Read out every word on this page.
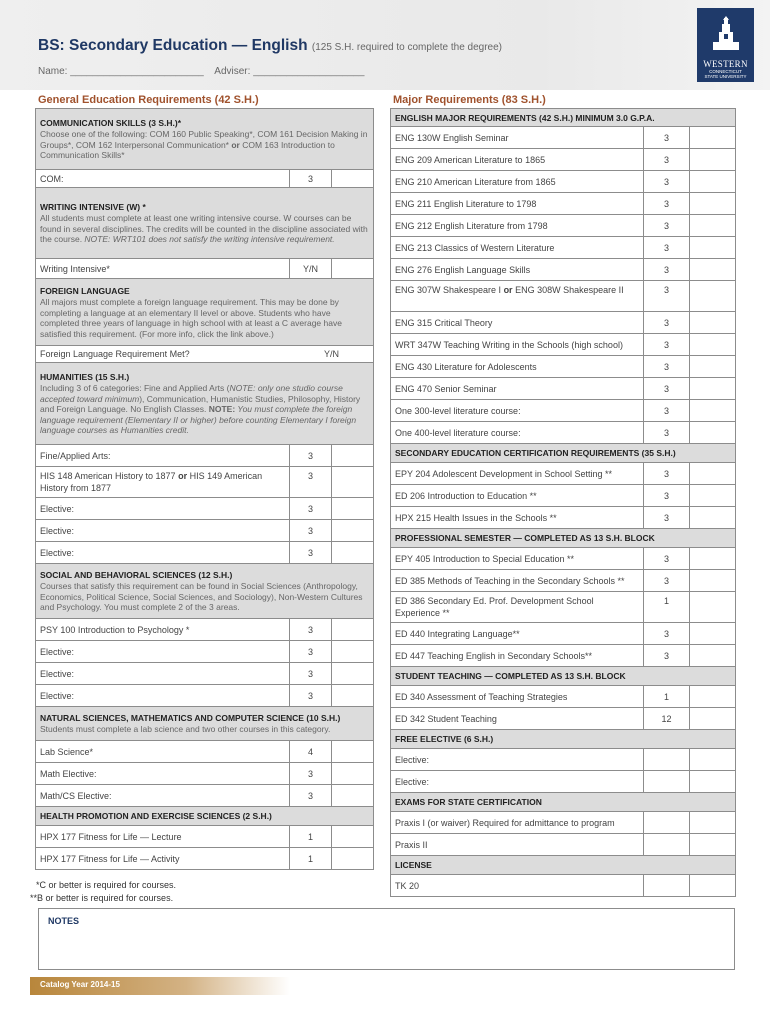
BS: Secondary Education — English (125 S.H. required to complete the degree)
Name: ________________________ Adviser: ____________________
WESTERN
CONNECTICUT
STATE UNIVERSITY
General Education Requirements (42 S.H.)	Major Requirements (83 S.H.)
COMMUNICATION SKILLS (3 S.H.)*
Choose one of the following: COM 160 Public Speaking*, COM 161 Decision Making in Groups*, COM 162 Interpersonal Communication* or COM 163 Introduction to Communication Skills*		

COM:	3	
WRITING INTENSIVE (W) *
All students must complete at least one writing intensive course. W courses can be found in several disciplines. The credits will be counted in the discipline associated with the course. NOTE: WRT101 does not satisfy the writing intensive requirement.		

Writing Intensive*	Y/N	
FOREIGN LANGUAGE
All majors must complete a foreign language requirement. This may be done by completing a language at an elementary II level or above. Students who have completed three years of language in high school with at least a C average have satisfied this requirement. (For more info, click the link above.)		

Foreign Language Requirement Met? Y/N		

HUMANITIES (15 S.H.)
Including 3 of 6 categories: Fine and Applied Arts (NOTE: only one studio course accepted toward minimum), Communication, Humanistic Studies, Philosophy, History and Foreign Language. No English Classes. NOTE: You must complete the foreign language requirement (Elementary II or higher) before counting Elementary I foreign language courses as Humanities credit.		

Fine/Applied Arts:	3	
HIS 148 American History to 1877 or HIS 149 American History from 1877	3	
Elective:	3	
Elective:	3	
Elective:	3	
SOCIAL AND BEHAVIORAL SCIENCES (12 S.H.)
Courses that satisfy this requirement can be found in Social Sciences (Anthropology, Economics, Political Science, Social Sciences, and Sociology), Non-Western Cultures and Psychology. You must complete 2 of the 3 areas.		

PSY 100 Introduction to Psychology *	3	
Elective:	3	
Elective:	3	
Elective:	3	
NATURAL SCIENCES, MATHEMATICS AND COMPUTER SCIENCE (10 S.H.)
Students must complete a lab science and two other courses in this category.		

Lab Science*	4	
Math Elective:	3	
Math/CS Elective:	3	
HEALTH PROMOTION AND EXERCISE SCIENCES (2 S.H.)		
HPX 177 Fitness for Life — Lecture	1	
HPX 177 Fitness for Life — Activity	1	
ENGLISH MAJOR REQUIREMENTS (42 S.H.) MINIMUM 3.0 G.P.A.		
ENG 130W English Seminar	3	
ENG 209 American Literature to 1865	3	
ENG 210 American Literature from 1865	3	
ENG 211 English Literature to 1798	3	
ENG 212 English Literature from 1798	3	
ENG 213 Classics of Western Literature	3	
ENG 276 English Language Skills	3	
ENG 307W Shakespeare I or ENG 308W Shakespeare II	3	
ENG 315 Critical Theory	3	
WRT 347W Teaching Writing in the Schools (high school)	3	
ENG 430 Literature for Adolescents	3	
ENG 470 Senior Seminar	3	
One 300-level literature course:	3	
One 400-level literature course:	3	
SECONDARY EDUCATION CERTIFICATION REQUIREMENTS (35 S.H.)		
EPY 204 Adolescent Development in School Setting **	3	
ED 206 Introduction to Education **	3	
HPX 215 Health Issues in the Schools **	3	
PROFESSIONAL SEMESTER — COMPLETED AS 13 S.H. BLOCK		
EPY 405 Introduction to Special Education **	3	
ED 385 Methods of Teaching in the Secondary Schools **	3	
ED 386 Secondary Ed. Prof. Development School Experience **	1	
ED 440 Integrating Language**	3	
ED 447 Teaching English in Secondary Schools**	3	
STUDENT TEACHING — COMPLETED AS 13 S.H. BLOCK		
ED 340 Assessment of Teaching Strategies	1	
ED 342 Student Teaching	12	
FREE ELECTIVE (6 S.H.)		
Elective:		
Elective:		
EXAMS FOR STATE CERTIFICATION		
Praxis I (or waiver) Required for admittance to program		
Praxis II		
LICENSE		
TK 20		
*C or better is required for courses.
**B or better is required for courses.
NOTES
Catalog Year 2014-15
